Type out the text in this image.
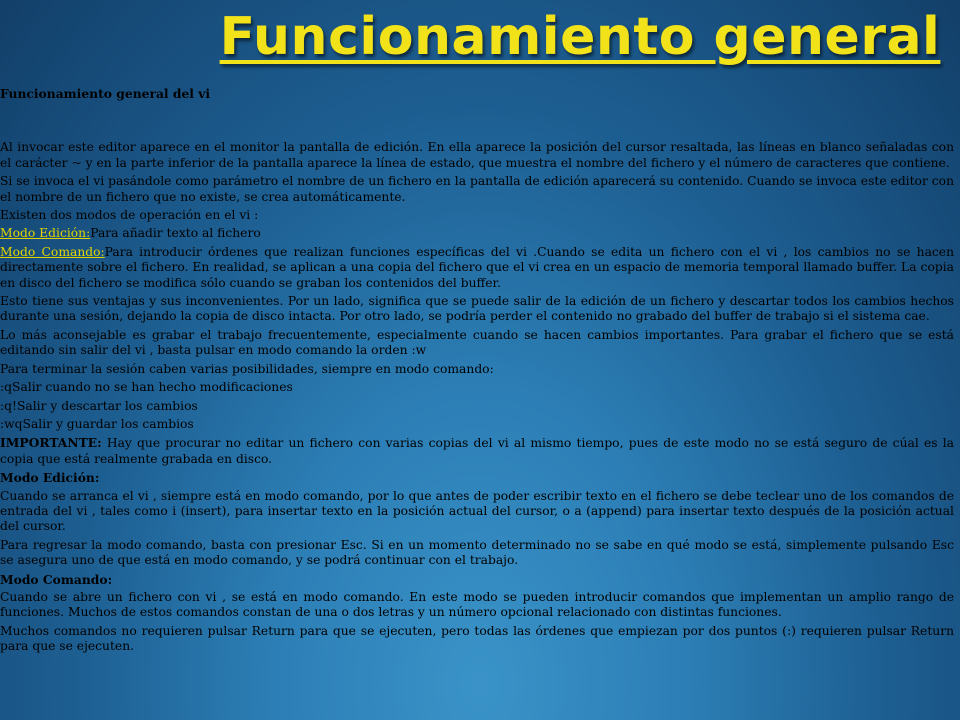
Funcionamiento general

Funcionamiento general del vi

Al invocar este editor aparece en el monitor la pantalla de edición. En ella aparece la posición del cursor resaltada, las líneas en blanco señaladas con el carácter ~ y en la parte inferior de la pantalla aparece la línea de estado, que muestra el nombre del fichero y el número de caracteres que contiene.

Si se invoca el vi pasándole como parámetro el nombre de un fichero en la pantalla de edición aparecerá su contenido. Cuando se invoca este editor con el nombre de un fichero que no existe, se crea automáticamente.

Existen dos modos de operación en el vi :

Modo Edición:Para añadir texto al fichero

Modo Comando:Para introducir órdenes que realizan funciones específicas del vi .Cuando se edita un fichero con el vi , los cambios no se hacen directamente sobre el fichero. En realidad, se aplican a una copia del fichero que el vi crea en un espacio de memoria temporal llamado buffer. La copia en disco del fichero se modifica sólo cuando se graban los contenidos del buffer.

Esto tiene sus ventajas y sus inconvenientes. Por un lado, significa que se puede salir de la edición de un fichero y descartar todos los cambios hechos durante una sesión, dejando la copia de disco intacta. Por otro lado, se podría perder el contenido no grabado del buffer de trabajo si el sistema cae.

Lo más aconsejable es grabar el trabajo frecuentemente, especialmente cuando se hacen cambios importantes. Para grabar el fichero que se está editando sin salir del vi , basta pulsar en modo comando la orden :w

Para terminar la sesión caben varias posibilidades, siempre en modo comando:

:qSalir cuando no se han hecho modificaciones

:q!Salir y descartar los cambios

:wqSalir y guardar los cambios

IMPORTANTE: Hay que procurar no editar un fichero con varias copias del vi al mismo tiempo, pues de este modo no se está seguro de cúal es la copia que está realmente grabada en disco.

Modo Edición:

Cuando se arranca el vi , siempre está en modo comando, por lo que antes de poder escribir texto en el fichero se debe teclear uno de los comandos de entrada del vi , tales como i (insert), para insertar texto en la posición actual del cursor, o a (append) para insertar texto después de la posición actual del cursor.

Para regresar la modo comando, basta con presionar Esc. Si en un momento determinado no se sabe en qué modo se está, simplemente pulsando Esc se asegura uno de que está en modo comando, y se podrá continuar con el trabajo.

Modo Comando:

Cuando se abre un fichero con vi , se está en modo comando. En este modo se pueden introducir comandos que implementan un amplio rango de funciones. Muchos de estos comandos constan de una o dos letras y un número opcional relacionado con distintas funciones.

Muchos comandos no requieren pulsar Return para que se ejecuten, pero todas las órdenes que empiezan por dos puntos (:) requieren pulsar Return para que se ejecuten.
